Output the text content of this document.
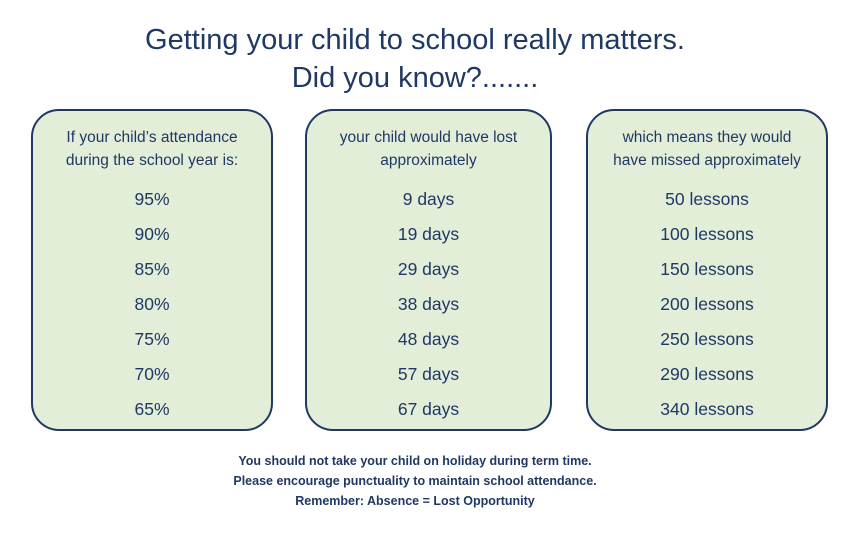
Getting your child to school really matters.
Did you know?.......
If your child’s attendance
during the school year is:
95%
90%
85%
80%
75%
70%
65%
your child would have lost
approximately
9 days
19 days
29 days
38 days
48 days
57 days
67 days
which means they would
have missed approximately
50 lessons
100 lessons
150 lessons
200 lessons
250 lessons
290 lessons
340 lessons
You should not take your child on holiday during term time.
Please encourage punctuality to maintain school attendance.
Remember: Absence = Lost Opportunity
